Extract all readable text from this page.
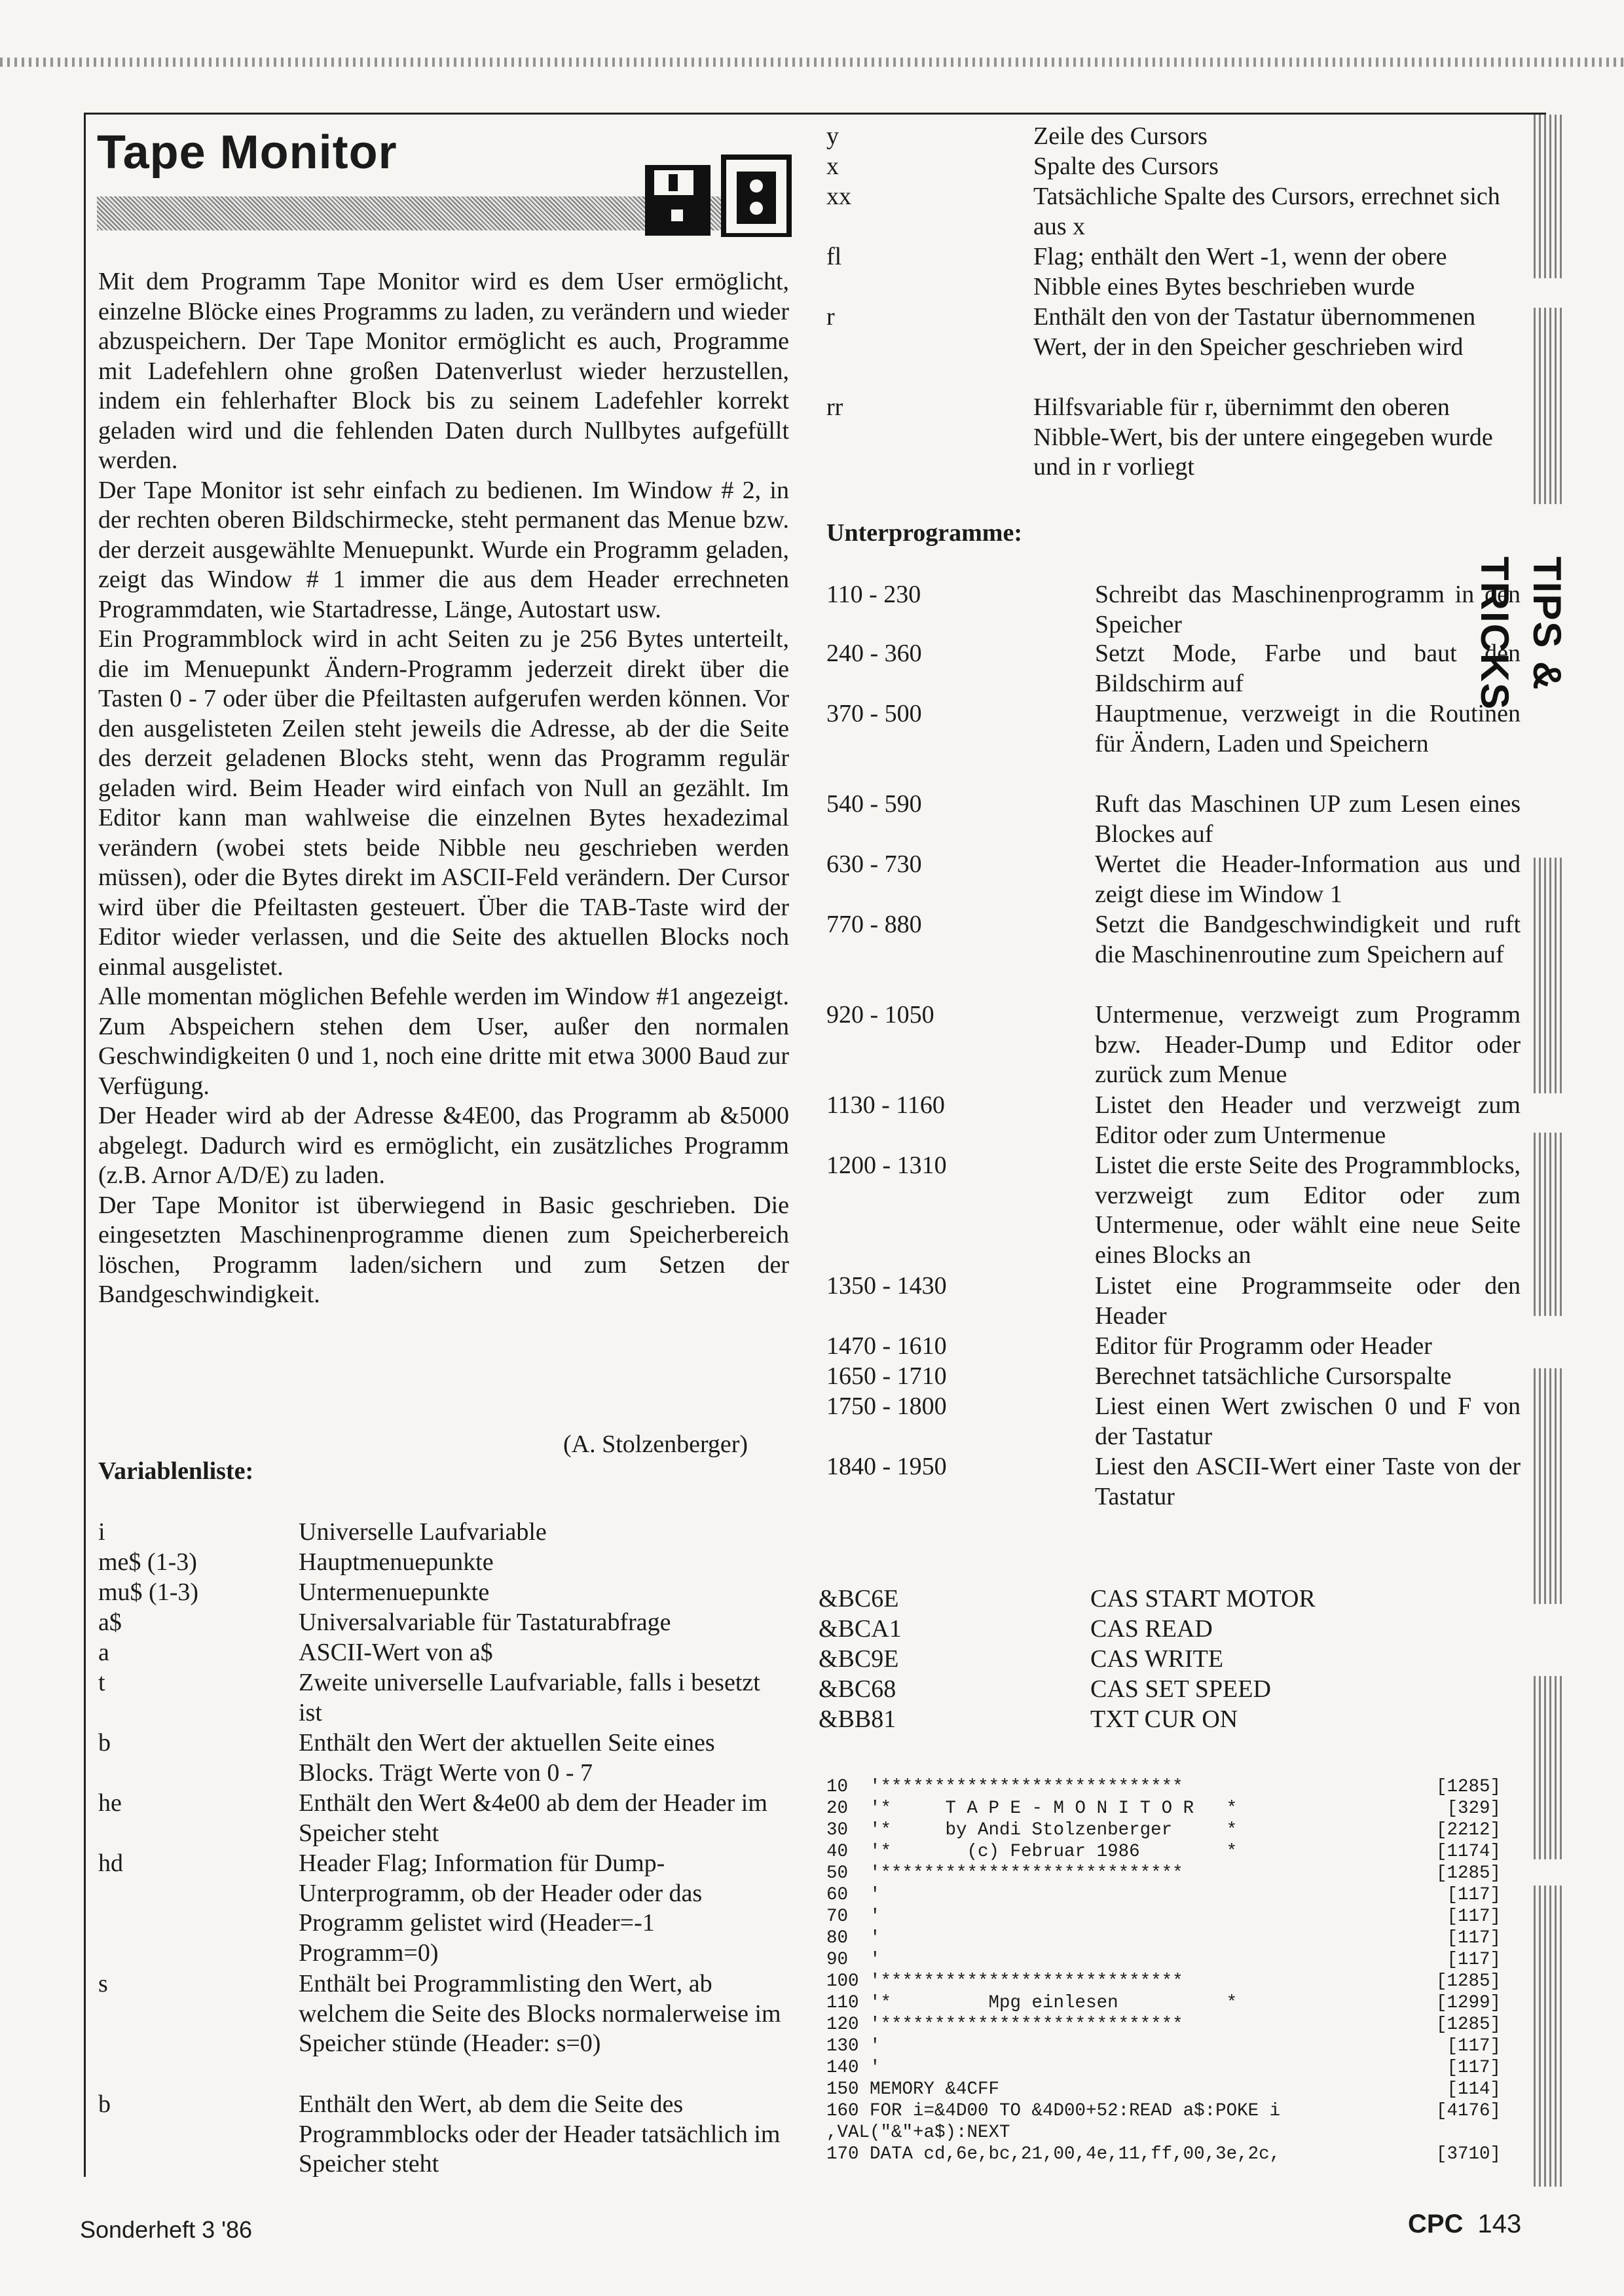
Tape Monitor

Mit dem Programm Tape Monitor wird es dem User ermöglicht, einzelne Blöcke eines Programms zu laden, zu verändern und wieder abzuspeichern. Der Tape Monitor ermöglicht es auch, Programme mit Ladefehlern ohne großen Datenverlust wieder herzustellen, indem ein fehlerhafter Block bis zu seinem Ladefehler korrekt geladen wird und die fehlenden Daten durch Nullbytes aufgefüllt werden.

Der Tape Monitor ist sehr einfach zu bedienen. Im Window # 2, in der rechten oberen Bildschirmecke, steht permanent das Menue bzw. der derzeit ausgewählte Menuepunkt. Wurde ein Programm geladen, zeigt das Window # 1 immer die aus dem Header errechneten Programmdaten, wie Startadresse, Länge, Autostart usw.

Ein Programmblock wird in acht Seiten zu je 256 Bytes unterteilt, die im Menuepunkt Ändern-Programm jederzeit direkt über die Tasten 0 - 7 oder über die Pfeiltasten aufgerufen werden können. Vor den ausgelisteten Zeilen steht jeweils die Adresse, ab der die Seite des derzeit geladenen Blocks steht, wenn das Programm regulär geladen wird. Beim Header wird einfach von Null an gezählt. Im Editor kann man wahlweise die einzelnen Bytes hexadezimal verändern (wobei stets beide Nibble neu geschrieben werden müssen), oder die Bytes direkt im ASCII-Feld verändern. Der Cursor wird über die Pfeiltasten gesteuert. Über die TAB-Taste wird der Editor wieder verlassen, und die Seite des aktuellen Blocks noch einmal ausgelistet.

Alle momentan möglichen Befehle werden im Window #1 angezeigt. Zum Abspeichern stehen dem User, außer den normalen Geschwindigkeiten 0 und 1, noch eine dritte mit etwa 3000 Baud zur Verfügung.

Der Header wird ab der Adresse &4E00, das Programm ab &5000 abgelegt. Dadurch wird es ermöglicht, ein zusätzliches Programm (z.B. Arnor A/D/E) zu laden.

Der Tape Monitor ist überwiegend in Basic geschrieben. Die eingesetzten Maschinenprogramme dienen zum Speicherbereich löschen, Programm laden/sichern und zum Setzen der Bandgeschwindigkeit.

(A. Stolzenberger)
Variablenliste:
i	Universelle Laufvariable
me$ (1-3)	Hauptmenuepunkte
mu$ (1-3)	Untermenuepunkte
a$	Universalvariable für Tastaturabfrage
a	ASCII-Wert von a$
t	Zweite universelle Laufvariable, falls i besetzt ist
b	Enthält den Wert der aktuellen Seite eines Blocks. Trägt Werte von 0 - 7
he	Enthält den Wert &4e00 ab dem der Header im Speicher steht
hd	Header Flag; Information für Dump-Unterprogramm, ob der Header oder das Programm gelistet wird (Header=-1 Programm=0)
s	Enthält bei Programmlisting den Wert, ab welchem die Seite des Blocks normalerweise im Speicher stünde (Header: s=0)
b	Enthält den Wert, ab dem die Seite des Programmblocks oder der Header tatsächlich im Speicher steht
y	Zeile des Cursors
x	Spalte des Cursors
xx	Tatsächliche Spalte des Cursors, errechnet sich aus x
fl	Flag; enthält den Wert -1, wenn der obere Nibble eines Bytes beschrieben wurde
r	Enthält den von der Tastatur übernommenen Wert, der in den Speicher geschrieben wird
rr	Hilfsvariable für r, übernimmt den oberen Nibble-Wert, bis der untere eingegeben wurde und in r vorliegt
Unterprogramme:
110 - 230	Schreibt das Maschinenprogramm in den Speicher
240 - 360	Setzt Mode, Farbe und baut den Bildschirm auf
370 - 500	Hauptmenue, verzweigt in die Routinen für Ändern, Laden und Speichern
540 - 590	Ruft das Maschinen UP zum Lesen eines Blockes auf
630 - 730	Wertet die Header-Information aus und zeigt diese im Window 1
770 - 880	Setzt die Bandgeschwindigkeit und ruft die Maschinenroutine zum Speichern auf
920 - 1050	Untermenue, verzweigt zum Programm bzw. Header-Dump und Editor oder zurück zum Menue
1130 - 1160	Listet den Header und verzweigt zum Editor oder zum Untermenue
1200 - 1310	Listet die erste Seite des Programmblocks, verzweigt zum Editor oder zum Untermenue, oder wählt eine neue Seite eines Blocks an
1350 - 1430	Listet eine Programmseite oder den Header
1470 - 1610	Editor für Programm oder Header
1650 - 1710	Berechnet tatsächliche Cursorspalte
1750 - 1800	Liest einen Wert zwischen 0 und F von der Tastatur
1840 - 1950	Liest den ASCII-Wert einer Taste von der Tastatur
&BC6E	CAS START MOTOR
&BCA1	CAS READ
&BC9E	CAS WRITE
&BC68	CAS SET SPEED
&BB81	TXT CUR ON
10  '****************************	[1285]
20  '*     T A P E - M O N I T O R   *	[329]
30  '*     by Andi Stolzenberger     *	[2212]
40  '*       (c) Februar 1986        *	[1174]
50  '****************************	[1285]
60  '	[117]
70  '	[117]
80  '	[117]
90  '	[117]
100 '****************************	[1285]
110 '*         Mpg einlesen          *	[1299]
120 '****************************	[1285]
130 '	[117]
140 '	[117]
150 MEMORY &4CFF	[114]
160 FOR i=&4D00 TO &4D00+52:READ a$:POKE i	[4176]
,VAL("&"+a$):NEXT
170 DATA cd,6e,bc,21,00,4e,11,ff,00,3e,2c,	[3710]
TIPS & TRICKS
Sonderheft 3 '86	CPC 143
